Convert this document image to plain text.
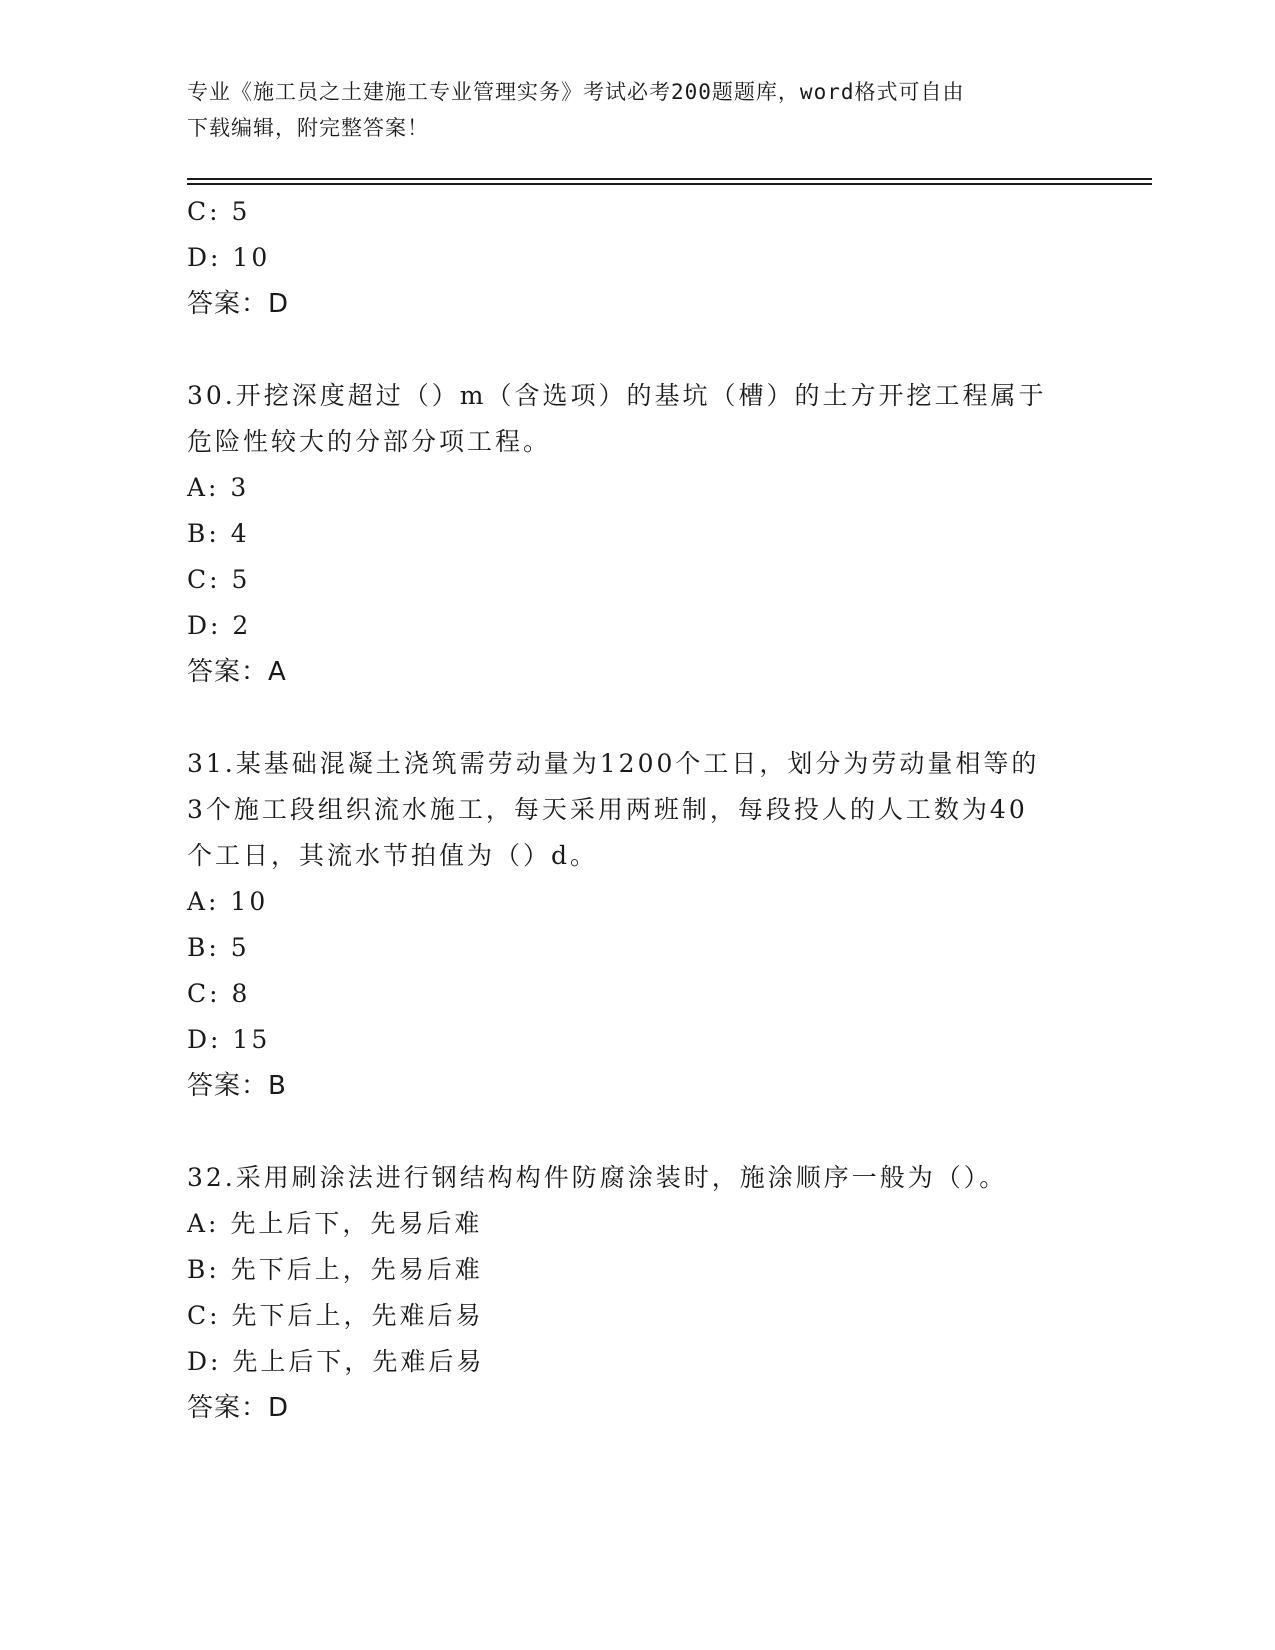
专业《施工员之土建施工专业管理实务》考试必考200题题库，word格式可自由
下载编辑，附完整答案！
C: 5
D: 10
答案：D
30.开挖深度超过（）m（含选项）的基坑（槽）的土方开挖工程属于
危险性较大的分部分项工程。
A: 3
B: 4
C: 5
D: 2
答案：A
31.某基础混凝土浇筑需劳动量为1200个工日，划分为劳动量相等的
3个施工段组织流水施工，每天采用两班制，每段投人的人工数为40
个工日，其流水节拍值为（）d。
A: 10
B: 5
C: 8
D: 15
答案：B
32.采用刷涂法进行钢结构构件防腐涂装时，施涂顺序一般为（）。
A: 先上后下，先易后难
B: 先下后上，先易后难
C: 先下后上，先难后易
D: 先上后下，先难后易
答案：D
